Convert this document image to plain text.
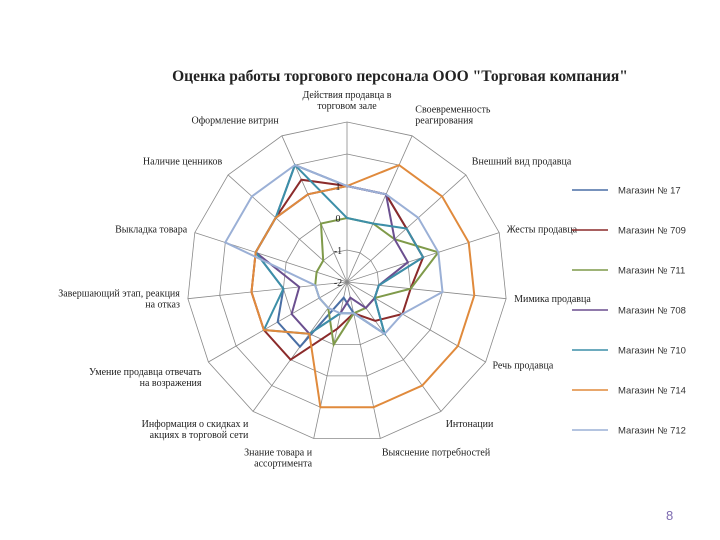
Оценка работы торгового персонала ООО "Торговая компания"
-2
-1
0
1
Действия продавца в торговом зале	Своевременность реагирования
Внешний вид продавца
Жесты продавца
Мимика продавца
Речь продавца
Интонации
Выяснение потребностей
Знание товара и ассортимента
Информация о скидках и акциях в торговой сети
Умение продавца отвечать на возражения
Завершающий этап, реакция на отказ
Выкладка товара
Наличие ценников
Оформление витрин
Магазин № 17
Магазин № 709
Магазин № 711
Магазин № 708
Магазин № 710
Магазин № 714
Магазин № 712
8
